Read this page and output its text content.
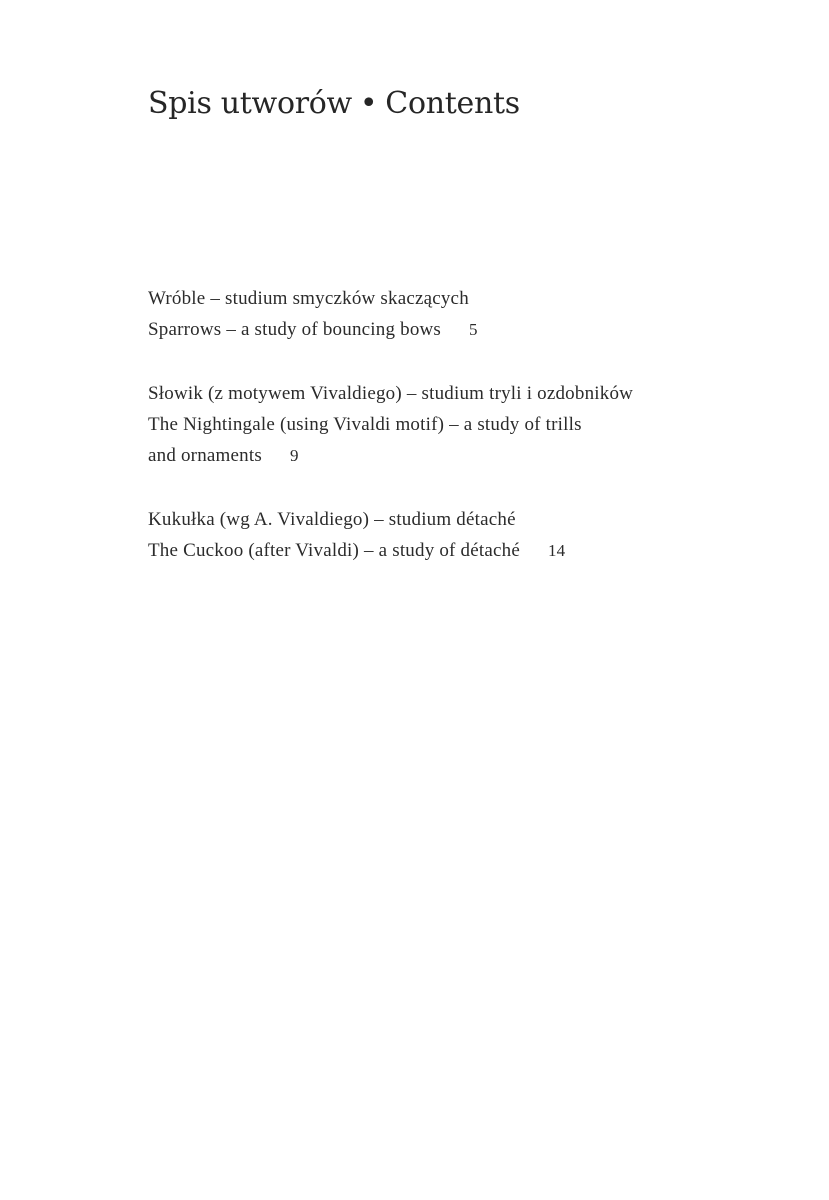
Spis utworów • Contents
Wróble – studium smyczków skaczących
Sparrows – a study of bouncing bows 5
Słowik (z motywem Vivaldiego) – studium tryli i ozdobników
The Nightingale (using Vivaldi motif) – a study of trills
and ornaments 9
Kukułka (wg A. Vivaldiego) – studium détaché
The Cuckoo (after Vivaldi) – a study of détaché 14
